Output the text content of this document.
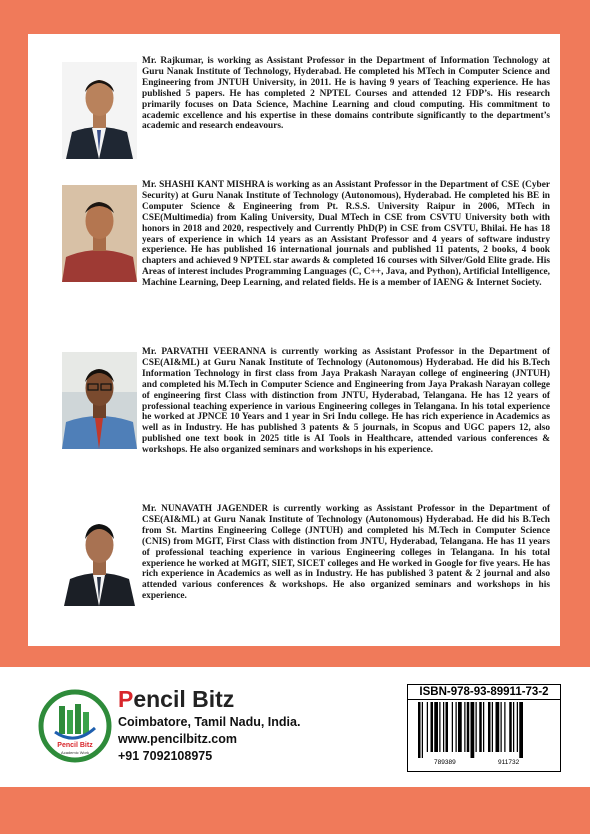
Mr. Rajkumar, is working as Assistant Professor in the Department of Information Technology at Guru Nanak Institute of Technology, Hyderabad. He completed his MTech in Computer Science and Engineering from JNTUH University, in 2011. He is having 9 years of Teaching experience. He has published 5 papers. He has completed 2 NPTEL Courses and attended 12 FDP’s. His research primarily focuses on Data Science, Machine Learning and cloud computing. His commitment to academic excellence and his expertise in these domains contribute significantly to the department’s academic and research endeavours.

Mr. SHASHI KANT MISHRA is working as an Assistant Professor in the Department of CSE (Cyber Security) at Guru Nanak Institute of Technology (Autonomous), Hyderabad. He completed his BE in Computer Science & Engineering from Pt. R.S.S. University Raipur in 2006, MTech in CSE(Multimedia) from Kaling University, Dual MTech in CSE from CSVTU University both with honors in 2018 and 2020, respectively and Currently PhD(P) in CSE from CSVTU, Bhilai. He has 18 years of experience in which 14 years as an Assistant Professor and 4 years of software industry experience. He has published 16 international journals and published 11 patents, 2 books, 4 book chapters and achieved 9 NPTEL star awards & completed 16 courses with Silver/Gold Elite grade. His Areas of interest includes Programming Languages (C, C++, Java, and Python), Artificial Intelligence, Machine Learning, Deep Learning, and related fields. He is a member of IAENG & Internet Society.

Mr. PARVATHI VEERANNA is currently working as Assistant Professor in the Department of CSE(AI&ML) at Guru Nanak Institute of Technology (Autonomous) Hyderabad. He did his B.Tech Information Technology in first class from Jaya Prakash Narayan college of engineering (JNTUH) and completed his M.Tech in Computer Science and Engineering from Jaya Prakash Narayan college of engineering first Class with distinction from JNTU, Hyderabad, Telangana. He has 12 years of professional teaching experience in various Engineering colleges in Telangana. In his total experience he worked at JPNCE 10 Years and 1 year in Sri Indu college. He has rich experience in Academics as well as in Industry. He has published 3 patents & 5 journals, in Scopus and UGC papers 12, also published one text book in 2025 title is AI Tools in Healthcare, attended various conferences & workshops. He also organized seminars and workshops in his experience.

Mr. NUNAVATH JAGENDER is currently working as Assistant Professor in the Department of CSE(AI&ML) at Guru Nanak Institute of Technology (Autonomous) Hyderabad. He did his B.Tech from St. Martins Engineering College (JNTUH) and completed his M.Tech in Computer Science (CNIS) from MGIT, First Class with distinction from JNTU, Hyderabad, Telangana. He has 11 years of professional teaching experience in various Engineering colleges in Telangana. In his total experience he worked at MGIT, SIET, SICET colleges and He worked in Google for five years. He has rich experience in Academics as well as in Industry. He has published 3 patent & 2 journal and also attended various conferences & workshops. He also organized seminars and workshops in his experience.

Pencil Bitz
Academic Work
Pencil Bitz
Coimbatore, Tamil Nadu, India.
www.pencilbitz.com
+91 7092108975
ISBN-978-93-89911-73-2
789389	911732
